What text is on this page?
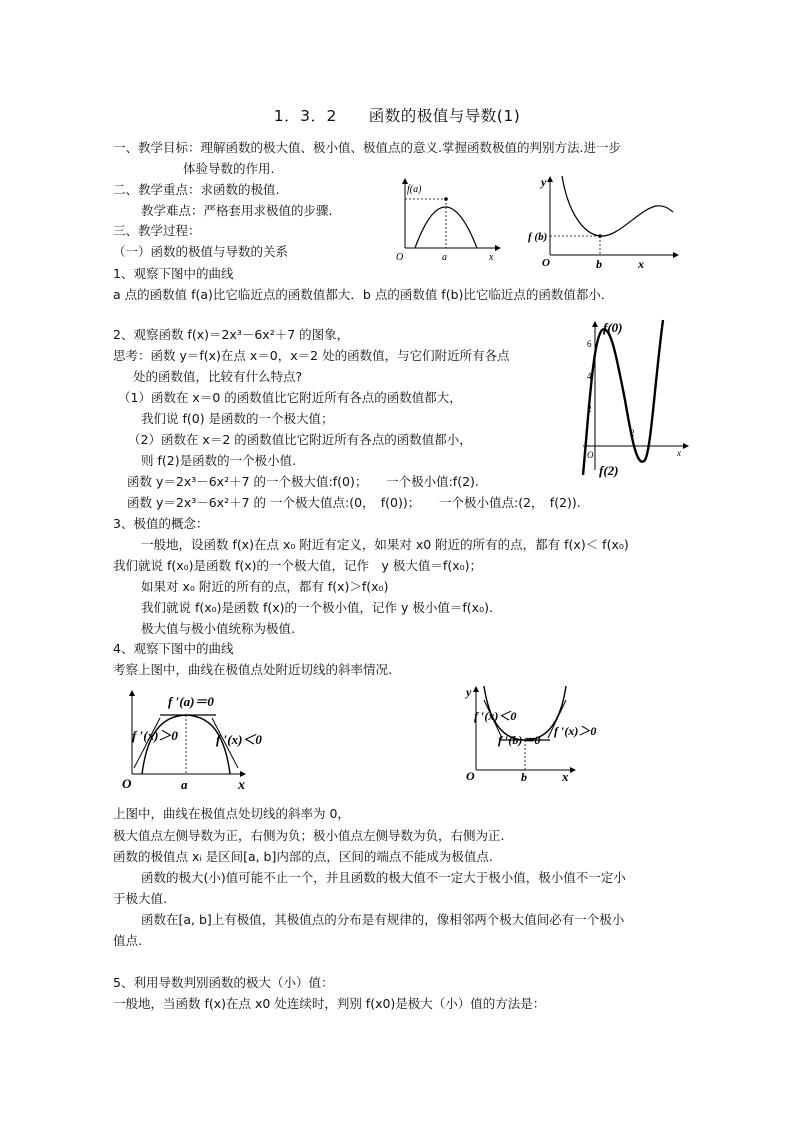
1．3．2　　函数的极值与导数(1)
一、教学目标：理解函数的极大值、极小值、极值点的意义.掌握函数极值的判别方法.进一步
体验导数的作用.
二、教学重点：求函数的极值.
教学难点：严格套用求极值的步骤.
三、教学过程：
（一）函数的极值与导数的关系
1、观察下图中的曲线
a 点的函数值 f(a)比它临近点的函数值都大．b 点的函数值 f(b)比它临近点的函数值都小．
2、观察函数 f(x)＝2x³－6x²＋7 的图象，
思考：函数 y＝f(x)在点 x＝0，x＝2 处的函数值，与它们附近所有各点
处的函数值，比较有什么特点?
（1）函数在 x＝0 的函数值比它附近所有各点的函数值都大，
我们说 f(0) 是函数的一个极大值；
（2）函数在 x＝2 的函数值比它附近所有各点的函数值都小，
则 f(2)是函数的一个极小值.
函数 y＝2x³－6x²＋7 的一个极大值:f(0)；　　一个极小值:f(2).
函数 y＝2x³－6x²＋7 的 一个极大值点:(0，　f(0))；　　一个极小值点:(2，　f(2)).
3、极值的概念：
一般地，设函数 f(x)在点 x₀ 附近有定义，如果对 x0 附近的所有的点，都有 f(x)＜ f(x₀)
我们就说 f(x₀)是函数 f(x)的一个极大值，记作　y 极大值＝f(x₀)；
如果对 x₀ 附近的所有的点，都有 f(x)＞f(x₀)
我们就说 f(x₀)是函数 f(x)的一个极小值，记作 y 极小值＝f(x₀).
极大值与极小值统称为极值.
4、观察下图中的曲线
考察上图中，曲线在极值点处附近切线的斜率情况.
上图中，曲线在极值点处切线的斜率为 0，
极大值点左侧导数为正，右侧为负；极小值点左侧导数为负，右侧为正.
函数的极值点 xᵢ 是区间[a, b]内部的点，区间的端点不能成为极值点.
函数的极大(小)值可能不止一个，并且函数的极大值不一定大于极小值，极小值不一定小
于极大值.
函数在[a, b]上有极值，其极值点的分布是有规律的，像相邻两个极大值间必有一个极小
值点.
5、利用导数判别函数的极大（小）值：
一般地，当函数 f(x)在点 x0 处连续时，判别 f(x0)是极大（小）值的方法是：
f(a)
O	a	x
y
f (b)
O	b	x
f(0)
f(2)
6
4
2
O
2
x
f ′(a)＝0
f ′(x)＞0	f ′(x)＜0
O	a	x
y
f ′(x)＜0
f ′(b)＝0
f ′(x)＞0
O	b	x
